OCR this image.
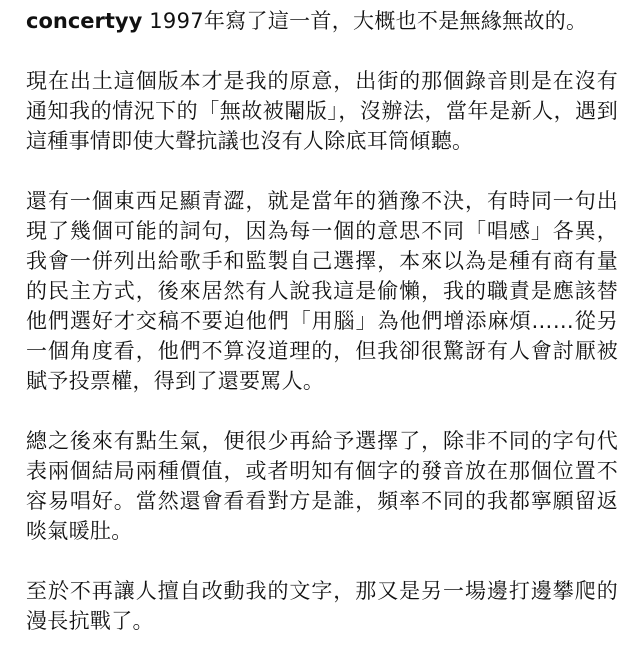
concertyy 1997年寫了這一首，大概也不是無緣無故的。

現在出土這個版本才是我的原意，出街的那個錄音則是在沒有通知我的情況下的「無故被閹版」，沒辦法，當年是新人，遇到這種事情即使大聲抗議也沒有人除底耳筒傾聽。

還有一個東西足顯青澀，就是當年的猶豫不決，有時同一句出現了幾個可能的詞句，因為每一個的意思不同「唱感」各異，我會一併列出給歌手和監製自己選擇，本來以為是種有商有量的民主方式，後來居然有人說我這是偷懶，我的職責是應該替他們選好才交稿不要迫他們「用腦」為他們增添麻煩……從另一個角度看，他們不算沒道理的，但我卻很驚訝有人會討厭被賦予投票權，得到了還要罵人。

總之後來有點生氣，便很少再給予選擇了，除非不同的字句代表兩個結局兩種價值，或者明知有個字的發音放在那個位置不容易唱好。當然還會看看對方是誰，頻率不同的我都寧願留返啖氣暖肚。

至於不再讓人擅自改動我的文字，那又是另一場邊打邊攀爬的漫長抗戰了。
